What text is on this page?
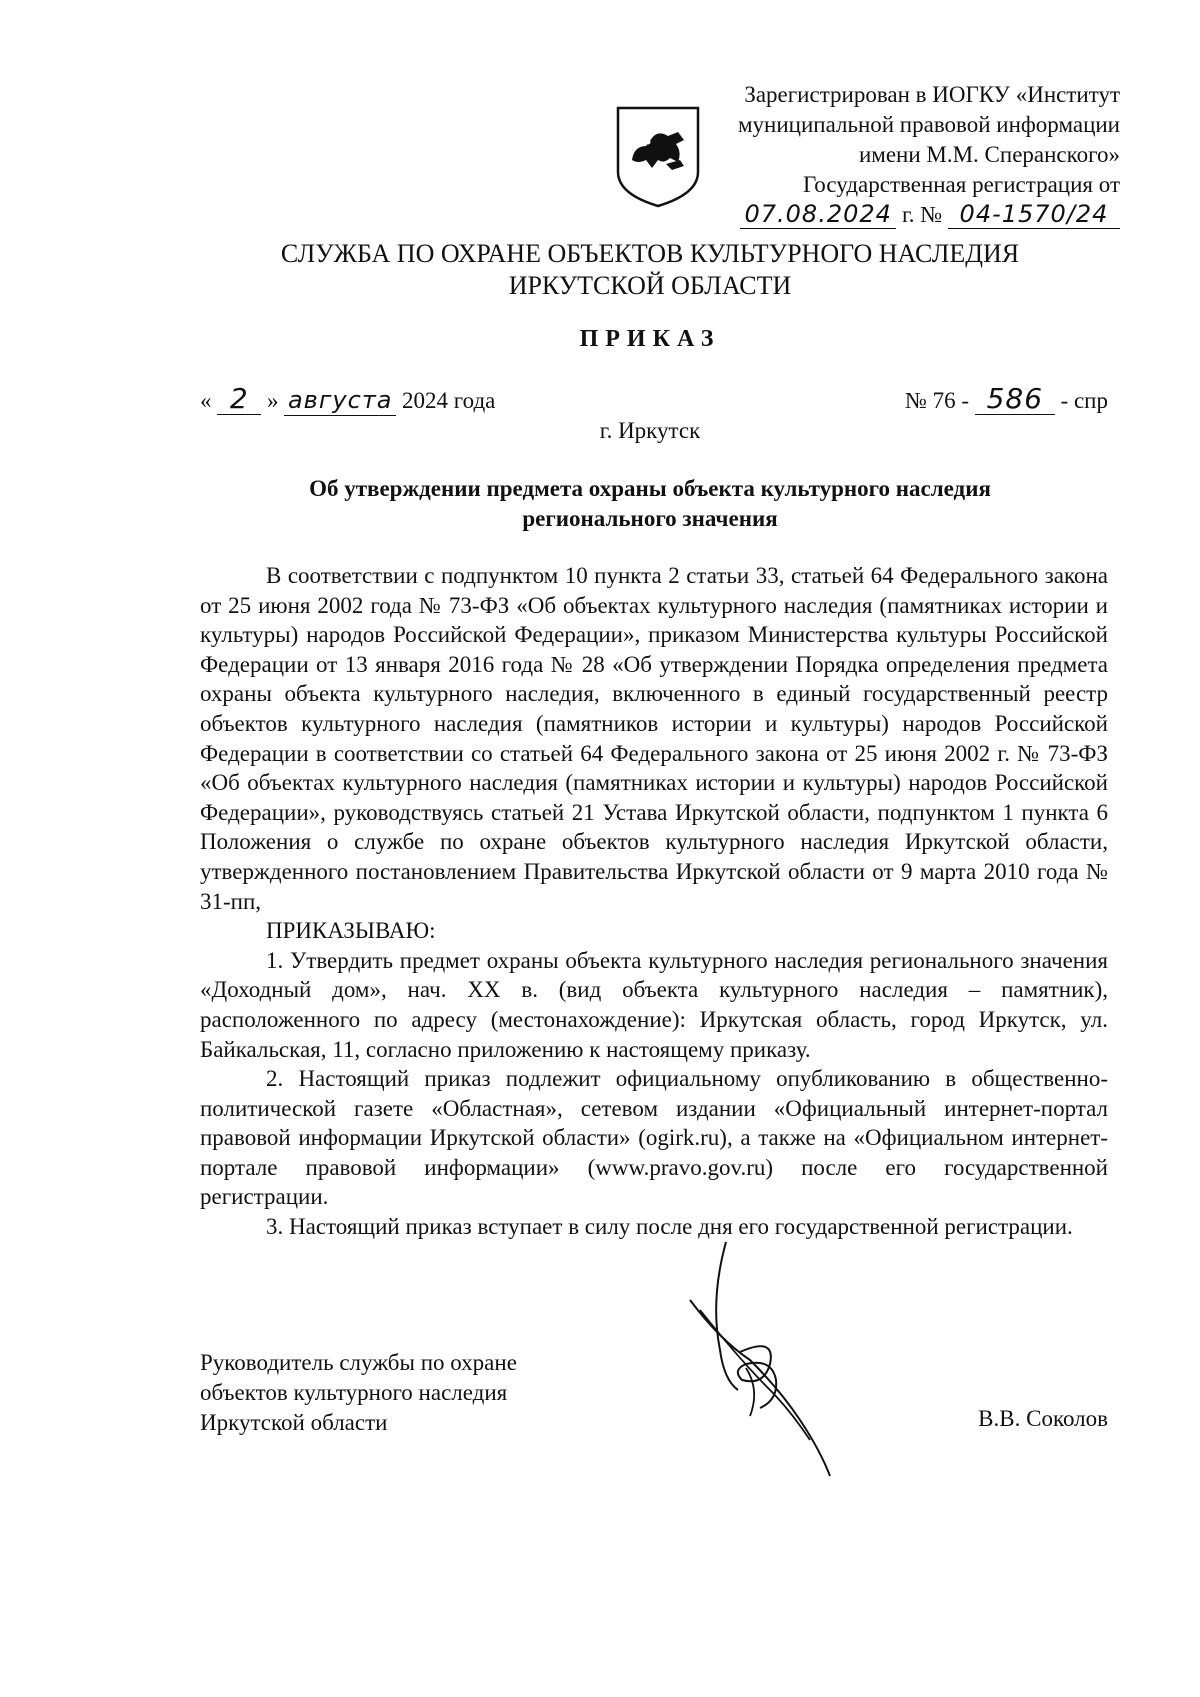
Зарегистрирован в ИОГКУ «Институт
муниципальной правовой информации
имени М.М. Сперанского»
Государственная регистрация от
07.08.2024 г. № 04-1570/24
СЛУЖБА ПО ОХРАНЕ ОБЪЕКТОВ КУЛЬТУРНОГО НАСЛЕДИЯ
ИРКУТСКОЙ ОБЛАСТИ
ПРИКАЗ
« 2 » августа 2024 года	№ 76 - 586 - спр
г. Иркутск
Об утверждении предмета охраны объекта культурного наследия
регионального значения

В соответствии с подпунктом 10 пункта 2 статьи 33, статьей 64 Федерального закона от 25 июня 2002 года № 73-ФЗ «Об объектах культурного наследия (памятниках истории и культуры) народов Российской Федерации», приказом Министерства культуры Российской Федерации от 13 января 2016 года № 28 «Об утверждении Порядка определения предмета охраны объекта культурного наследия, включенного в единый государственный реестр объектов культурного наследия (памятников истории и культуры) народов Российской Федерации в соответствии со статьей 64 Федерального закона от 25 июня 2002 г. № 73-ФЗ «Об объектах культурного наследия (памятниках истории и культуры) народов Российской Федерации», руководствуясь статьей 21 Устава Иркутской области, подпунктом 1 пункта 6 Положения о службе по охране объектов культурного наследия Иркутской области, утвержденного постановлением Правительства Иркутской области от 9 марта 2010 года № 31-пп,

ПРИКАЗЫВАЮ:

1. Утвердить предмет охраны объекта культурного наследия регионального значения «Доходный дом», нач. XX в. (вид объекта культурного наследия – памятник), расположенного по адресу (местонахождение): Иркутская область, город Иркутск, ул. Байкальская, 11, согласно приложению к настоящему приказу.

2. Настоящий приказ подлежит официальному опубликованию в общественно-политической газете «Областная», сетевом издании «Официальный интернет-портал правовой информации Иркутской области» (ogirk.ru), а также на «Официальном интернет-портале правовой информации» (www.pravo.gov.ru) после его государственной регистрации.

3. Настоящий приказ вступает в силу после дня его государственной регистрации.

Руководитель службы по охране
объектов культурного наследия
Иркутской области	В.В. Соколов
